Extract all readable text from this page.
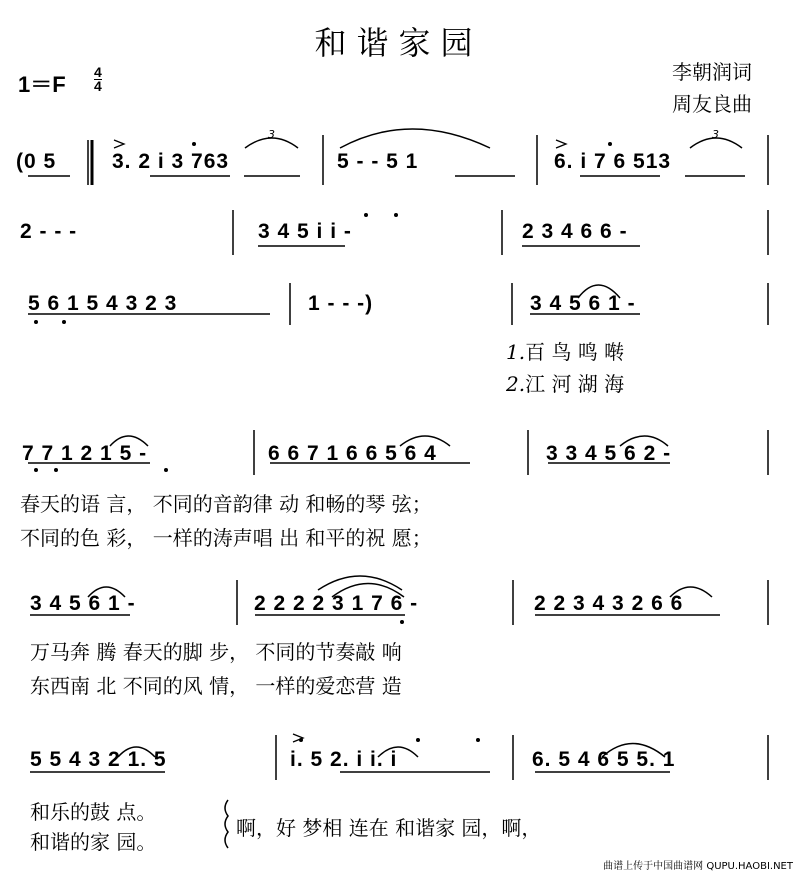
和谐家园
李朝润词
周友良曲
1＝F 4
4
3	3
(0 5	3. 2 i 3 763	5 - - 5 1	6. i 7 6 513
2 - - -	3 4 5 i i -	2 3 4 6 6 -
5 6 1 5 4 3 2 3	1 - - -)	3 4 5 6 1 -
1.百 鸟 鸣 啭
2.江 河 湖 海
7 7 1 2 1 5 -	6 6 7 1 6 6 5 6 4	3 3 4 5 6 2 -
春天的语 言， 不同的音韵律 动 和畅的琴 弦；
不同的色 彩， 一样的涛声唱 出 和平的祝 愿；
3 4 5 6 1 -	2 2 2 2 3 1 7 6 -	2 2 3 4 3 2 6 6
万马奔 腾 春天的脚 步， 不同的节奏敲 响
东西南 北 不同的风 情， 一样的爱恋营 造
5 5 4 3 2 1. 5	i. 5 2. i i. i	6. 5 4 6 5 5. 1
和乐的鼓 点。
和谐的家 园。
啊，好 梦相 连在 和谐家 园，啊，
曲谱上传于中国曲谱网 QUPU.HAOBI.NET
